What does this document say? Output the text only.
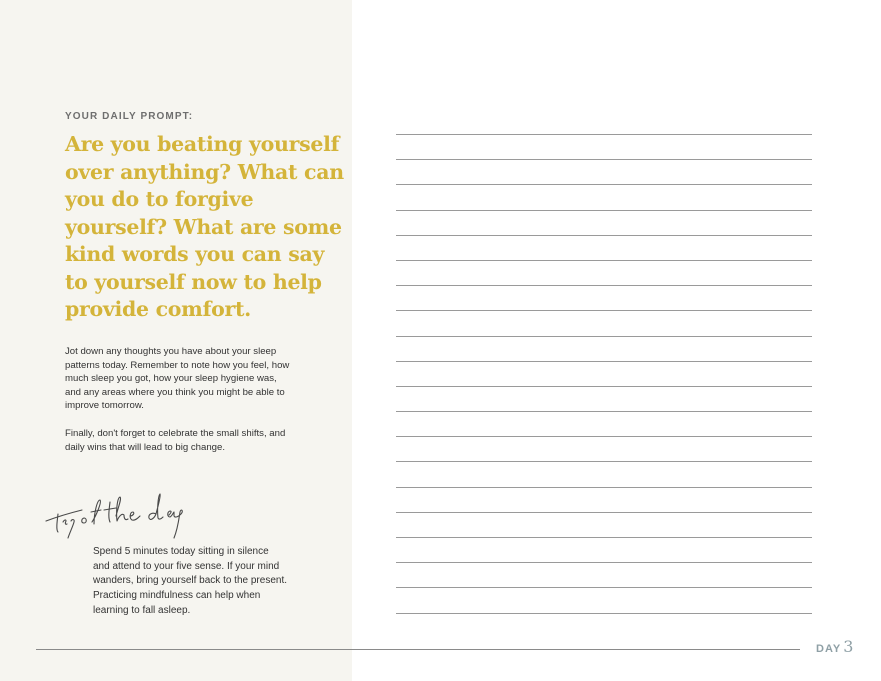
YOUR DAILY PROMPT:
Are you beating yourself over anything? What can you do to forgive yourself? What are some kind words you can say to yourself now to help provide comfort.
Jot down any thoughts you have about your sleep patterns today. Remember to note how you feel, how much sleep you got, how your sleep hygiene was, and any areas where you think you might be able to improve tomorrow.
Finally, don't forget to celebrate the small shifts, and daily wins that will lead to big change.
Spend 5 minutes today sitting in silence and attend to your five sense. If your mind wanders, bring yourself back to the present. Practicing mindfulness can help when learning to fall asleep.
DAY 3
